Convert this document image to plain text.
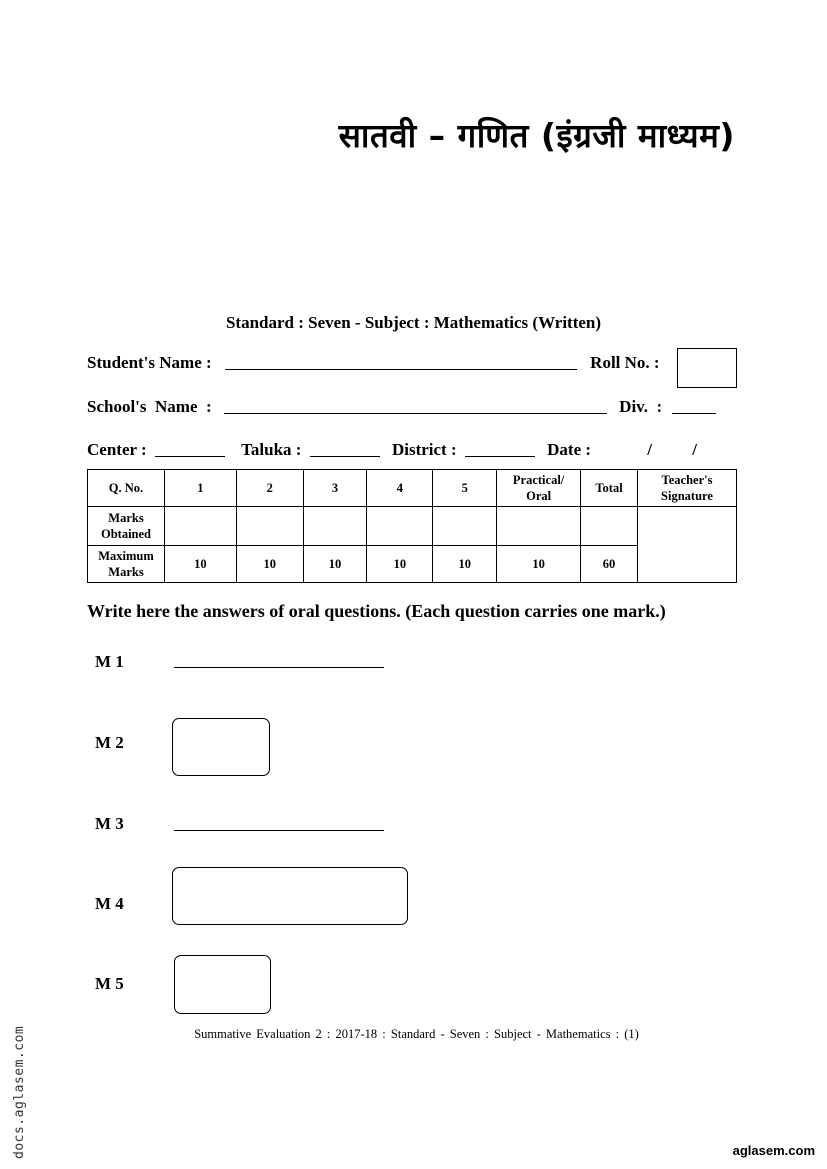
सातवी – गणित (इंग्रजी माध्यम)
Standard : Seven - Subject : Mathematics (Written)
Student's Name :	Roll No. :
School's  Name  :	Div.  :
Center :	Taluka :	District :	Date :	/ /
Q. No.	1	2	3	4	5	Practical/ Oral	Total	Teacher's Signature
Marks Obtained								
Maximum Marks	10	10	10	10	10	10	60	
Write here the answers of oral questions. (Each question carries one mark.)
M 1
M 2
M 3
M 4
M 5
Summative Evaluation 2 : 2017-18 : Standard - Seven : Subject - Mathematics : (1)
docs.aglasem.com	aglasem.com
